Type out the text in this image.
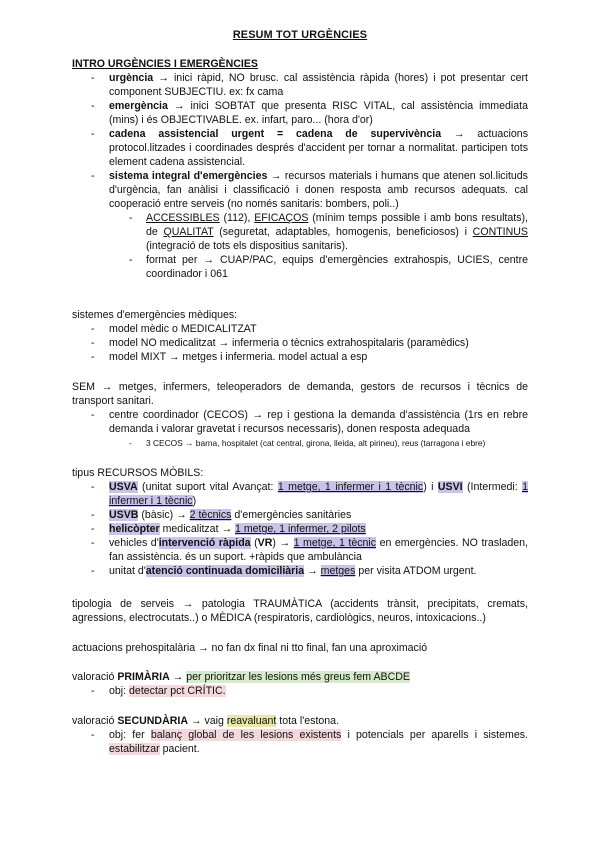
RESUM TOT URGÈNCIES
INTRO URGÈNCIES I EMERGÈNCIES
- urgència → inici ràpid, NO brusc. cal assistència ràpida (hores) i pot presentar cert component SUBJECTIU. ex: fx cama
- emergència → inici SOBTAT que presenta RISC VITAL, cal assistència immediata (mins) i és OBJECTIVABLE. ex. infart, paro... (hora d'or)
- cadena assistencial urgent = cadena de supervivència → actuacions protocol.litzades i coordinades després d'accident per tornar a normalitat. participen tots element cadena assistencial.
- sistema integral d'emergències → recursos materials i humans que atenen sol.licituds d'urgència, fan anàlisi i classificació i donen resposta amb recursos adequats. cal cooperació entre serveis (no només sanitaris: bombers, poli..)
- ACCESSIBLES (112), EFICAÇOS (mínim temps possible i amb bons resultats), de QUALITAT (seguretat, adaptables, homogenis, beneficiosos) i CONTINUS (integració de tots els dispositius sanitaris).
- format per → CUAP/PAC, equips d'emergències extrahospis, UCIES, centre coordinador i 061
sistemes d'emergències mèdiques:
- model mèdic o MEDICALITZAT
- model NO medicalitzat → infermeria o tècnics extrahospitalaris (paramèdics)
- model MIXT → metges i infermeria. model actual a esp
SEM → metges, infermers, teleoperadors de demanda, gestors de recursos i tècnics de transport sanitari.
- centre coordinador (CECOS) → rep i gestiona la demanda d'assistència (1rs en rebre demanda i valorar gravetat i recursos necessaris), donen resposta adequada
- 3 CECOS → barna, hospitalet (cat central, girona, lleida, alt pirineu), reus (tarragona i ebre)
tipus RECURSOS MÒBILS:
- USVA (unitat suport vital Avançat: 1 metge, 1 infermer i 1 tècnic) i USVI (Intermedi: 1 infermer i 1 tècnic)
- USVB (bàsic) → 2 tècnics d'emergències sanitàries
- helicòpter medicalitzat → 1 metge, 1 infermer, 2 pilots
- vehicles d'intervenció ràpida (VR) → 1 metge, 1 tècnic en emergències. NO trasladen, fan assistència. és un suport. +ràpids que ambulància
- unitat d'atenció continuada domiciliària → metges per visita ATDOM urgent.
tipologia de serveis → patologia TRAUMÀTICA (accidents trànsit, precipitats, cremats, agressions, electrocutats..) o MÈDICA (respiratoris, cardiològics, neuros, intoxicacions..)
actuacions prehospitalària → no fan dx final ni tto final, fan una aproximació
valoració PRIMÀRIA → per prioritzar les lesions més greus fem ABCDE
- obj: detectar pct CRÍTIC.
valoració SECUNDÀRIA → vaig reavaluant tota l'estona.
- obj: fer balanç global de les lesions existents i potencials per aparells i sistemes. estabilitzar pacient.
